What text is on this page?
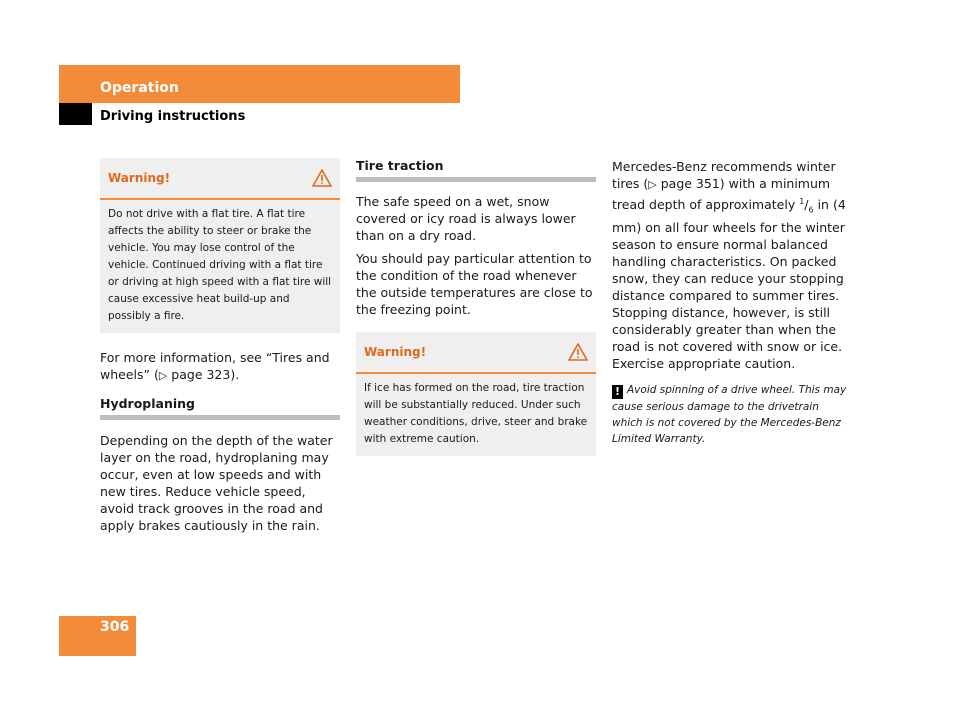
Operation
Driving instructions
Warning!
Do not drive with a flat tire. A flat tire affects the ability to steer or brake the vehicle. You may lose control of the vehicle. Continued driving with a flat tire or driving at high speed with a flat tire will cause excessive heat build-up and possibly a fire.

For more information, see “Tires and wheels” (▷ page 323).

Hydroplaning

Depending on the depth of the water layer on the road, hydroplaning may occur, even at low speeds and with new tires. Reduce vehicle speed, avoid track grooves in the road and apply brakes cautiously in the rain.

Tire traction

The safe speed on a wet, snow covered or icy road is always lower than on a dry road.

You should pay particular attention to the condition of the road whenever the outside temperatures are close to the freezing point.

Warning!
If ice has formed on the road, tire traction will be substantially reduced. Under such weather conditions, drive, steer and brake with extreme caution.

Mercedes-Benz recommends winter tires (▷ page 351) with a minimum tread depth of approximately $^1/_6$ in (4 mm) on all four wheels for the winter season to ensure normal balanced handling characteristics. On packed snow, they can reduce your stopping distance compared to summer tires. Stopping distance, however, is still considerably greater than when the road is not covered with snow or ice. Exercise appropriate caution.

! Avoid spinning of a drive wheel. This may cause serious damage to the drivetrain which is not covered by the Mercedes-Benz Limited Warranty.

306
